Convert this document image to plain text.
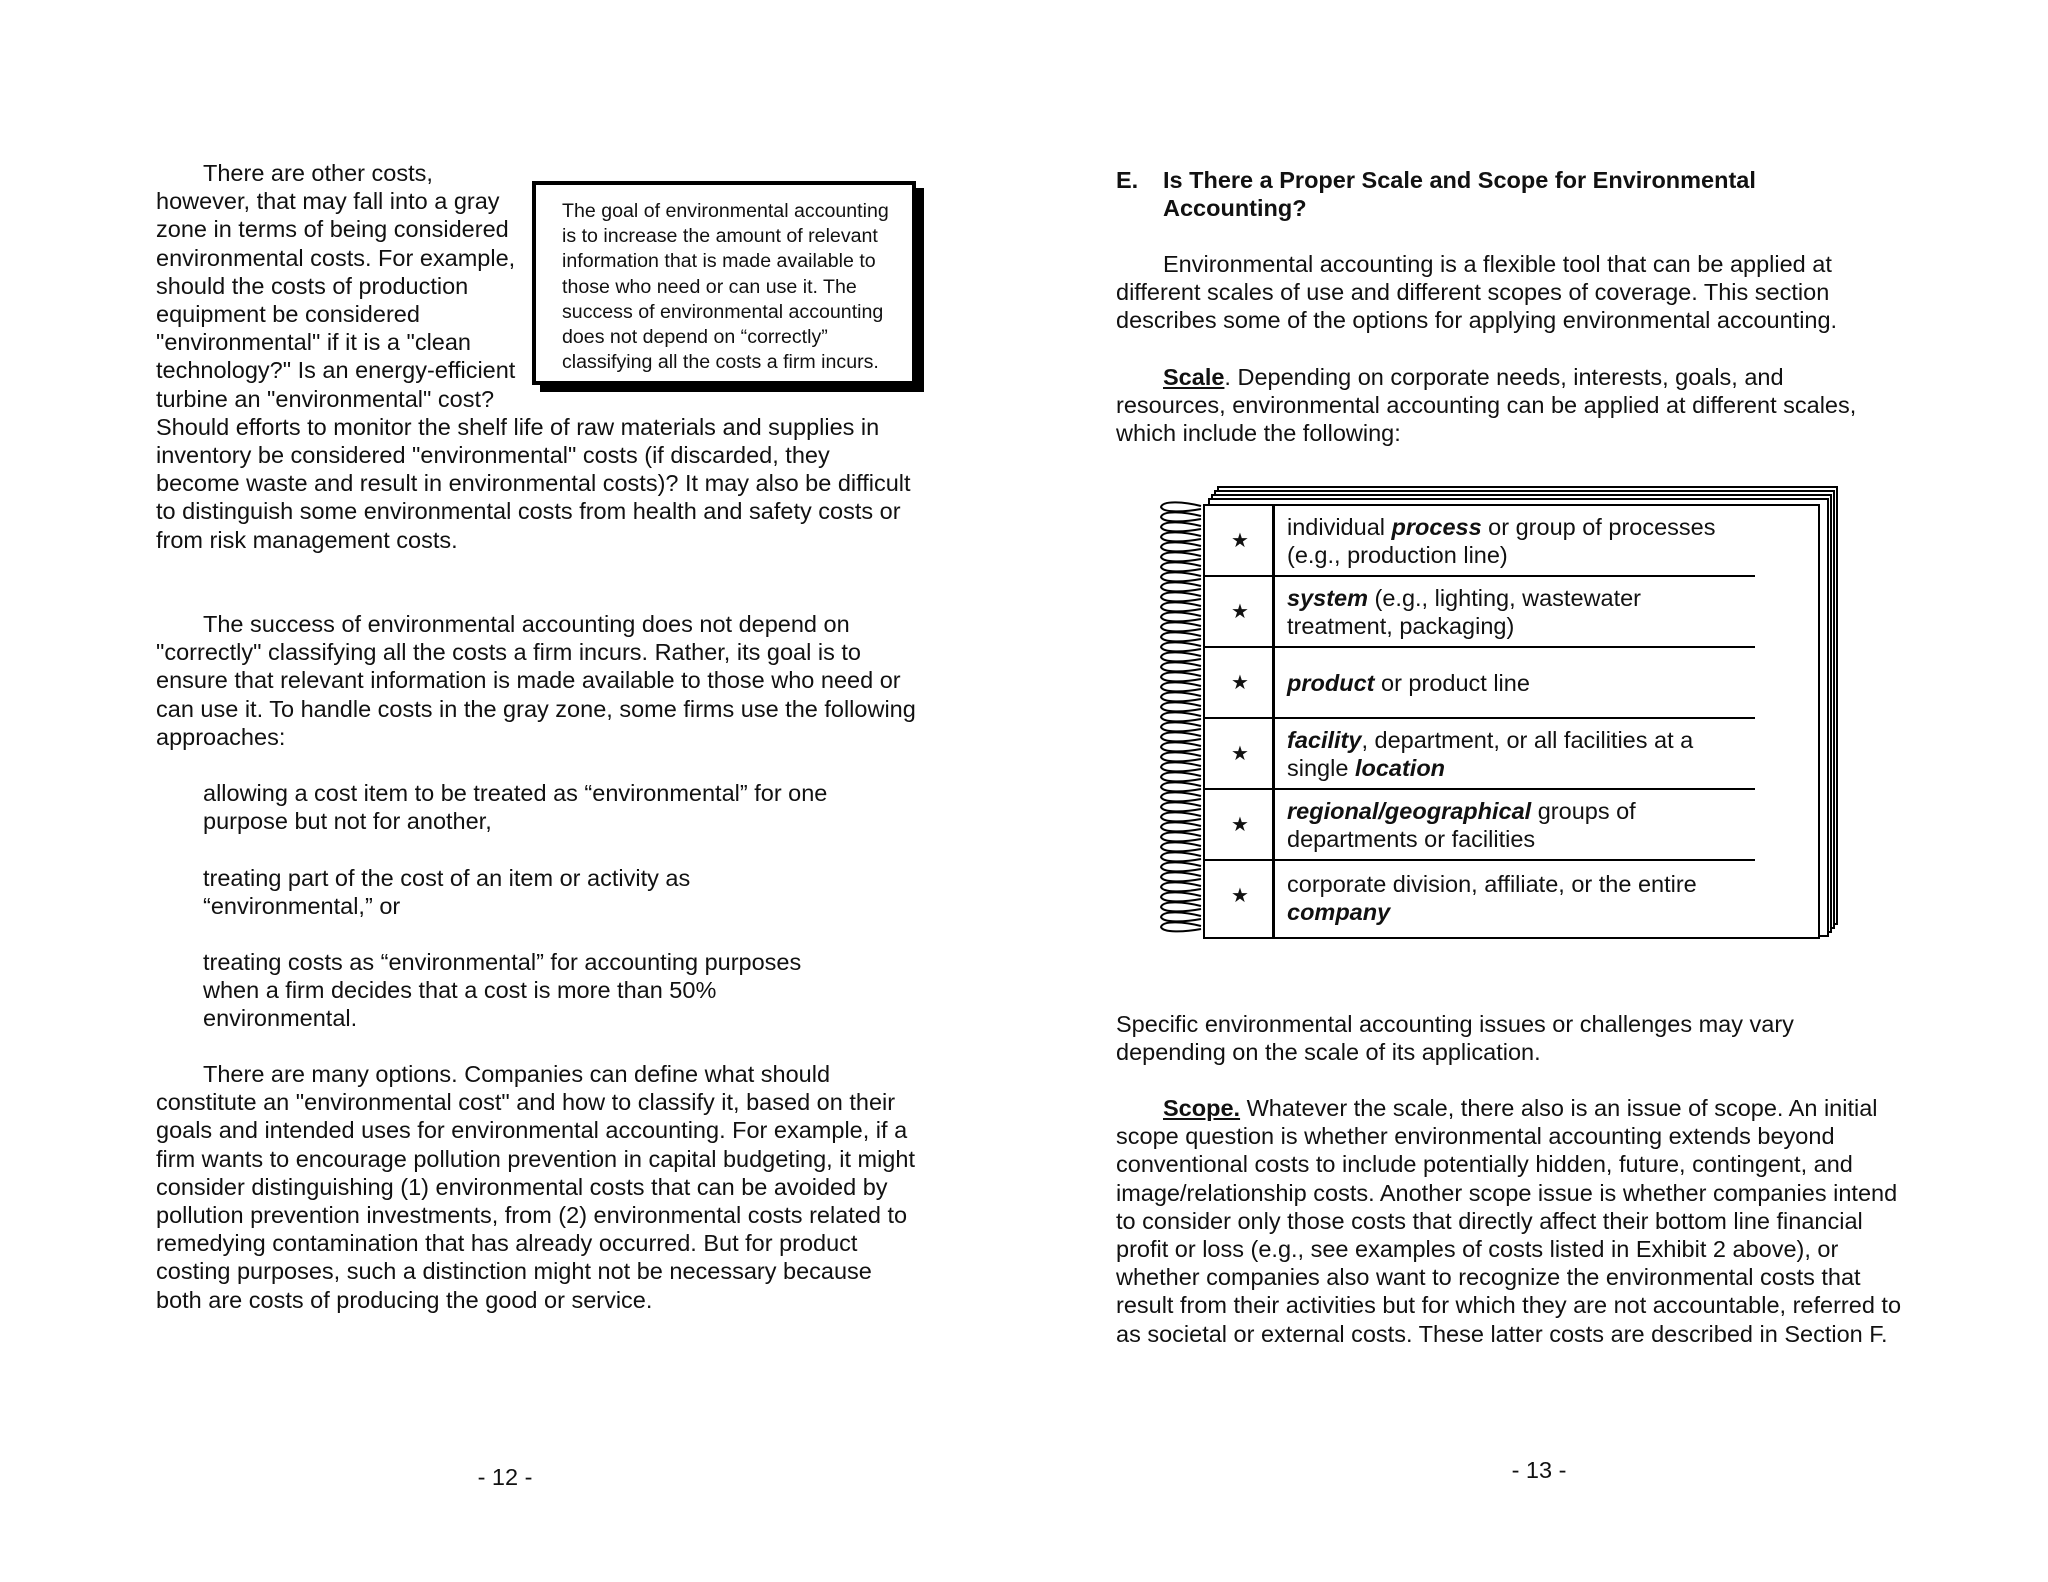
The goal of environmental accounting is to increase the amount of relevant information that is made available to those who need or can use it. The success of environmental accounting does not depend on “correctly” classifying all the costs a firm incurs.

There are other costs, however, that may fall into a gray zone in terms of being considered environmental costs. For example, should the costs of production equipment be considered "environmental" if it is a "clean technology?" Is an energy-efficient turbine an "environmental" cost? Should efforts to monitor the shelf life of raw materials and supplies in inventory be considered "environmental" costs (if discarded, they become waste and result in environmental costs)? It may also be difficult to distinguish some environmental costs from health and safety costs or from risk management costs.

The success of environmental accounting does not depend on "correctly" classifying all the costs a firm incurs. Rather, its goal is to ensure that relevant information is made available to those who need or can use it. To handle costs in the gray zone, some firms use the following approaches:

allowing a cost item to be treated as “environmental” for one purpose but not for another,

treating part of the cost of an item or activity as “environmental,” or

treating costs as “environmental” for accounting purposes when a firm decides that a cost is more than 50% environmental.

There are many options. Companies can define what should constitute an "environmental cost" and how to classify it, based on their goals and intended uses for environmental accounting. For example, if a firm wants to encourage pollution prevention in capital budgeting, it might consider distinguishing (1) environmental costs that can be avoided by pollution prevention investments, from (2) environmental costs related to remedying contamination that has already occurred. But for product costing purposes, such a distinction might not be necessary because both are costs of producing the good or service.

- 12 -
E. Is There a Proper Scale and Scope for Environmental Accounting?

Environmental accounting is a flexible tool that can be applied at different scales of use and different scopes of coverage. This section describes some of the options for applying environmental accounting.

Scale. Depending on corporate needs, interests, goals, and resources, environmental accounting can be applied at different scales, which include the following:

★
individual process or group of processes (e.g., production line)
★
system (e.g., lighting, wastewater treatment, packaging)
★	product or product line
★
facility, department, or all facilities at a single location
★
regional/geographical groups of departments or facilities
★	corporate division, affiliate, or the entire company

Specific environmental accounting issues or challenges may vary depending on the scale of its application.

Scope. Whatever the scale, there also is an issue of scope. An initial scope question is whether environmental accounting extends beyond conventional costs to include potentially hidden, future, contingent, and image/relationship costs. Another scope issue is whether companies intend to consider only those costs that directly affect their bottom line financial profit or loss (e.g., see examples of costs listed in Exhibit 2 above), or whether companies also want to recognize the environmental costs that result from their activities but for which they are not accountable, referred to as societal or external costs. These latter costs are described in Section F.

- 13 -
